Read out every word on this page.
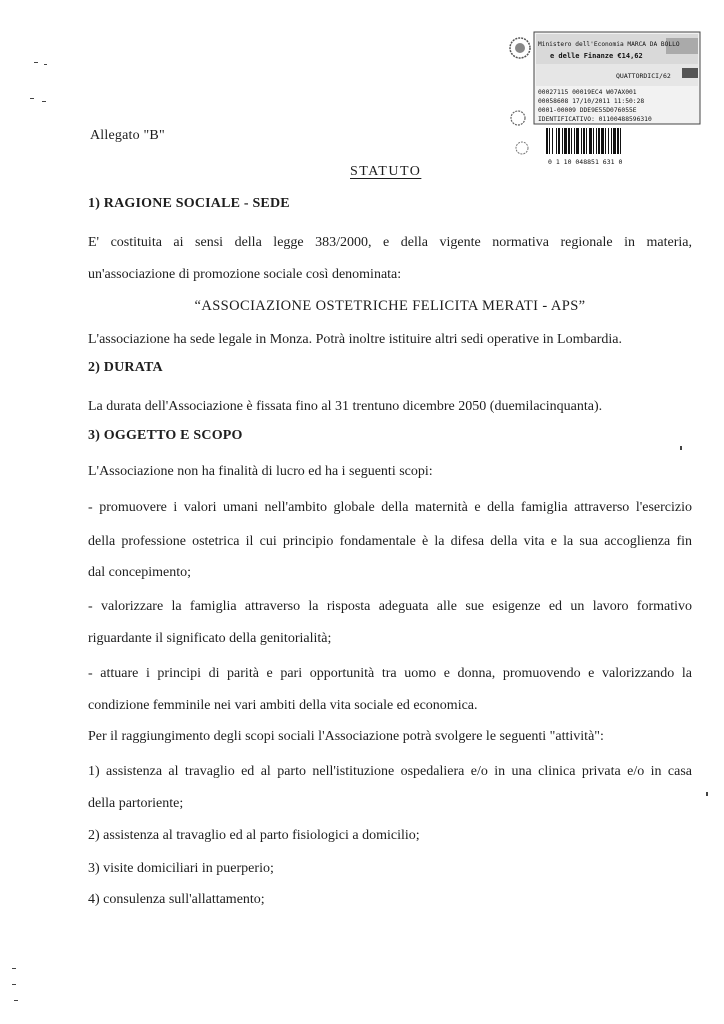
Allegato "B"
Ministero dell'Economia MARCA DA BOLLO
e delle Finanze €14,62
QUATTORDICI/62
00027115 00019EC4 W07AX001
00058608 17/10/2011 11:50:28
0001-00009 DDE9E55D076055E
IDENTIFICATIVO: 01100488596310
0 1 10 048851 631 0
STATUTO
1) RAGIONE SOCIALE - SEDE
E' costituita ai sensi della legge 383/2000, e della vigente normativa regionale in materia,
un'associazione di promozione sociale così denominata:
“ASSOCIAZIONE OSTETRICHE FELICITA MERATI - APS”
L'associazione ha sede legale in Monza. Potrà inoltre istituire altri sedi operative in Lombardia.
2) DURATA
La durata dell'Associazione è fissata fino al 31 trentuno dicembre 2050 (duemilacinquanta).
3) OGGETTO E SCOPO
L'Associazione non ha finalità di lucro ed ha i seguenti scopi:
- promuovere i valori umani nell'ambito globale della maternità e della famiglia attraverso l'esercizio
della professione ostetrica il cui principio fondamentale è la difesa della vita e la sua accoglienza fin
dal concepimento;
- valorizzare la famiglia attraverso la risposta adeguata alle sue esigenze ed un lavoro formativo
riguardante il significato della genitorialità;
- attuare i principi di parità e pari opportunità tra uomo e donna, promuovendo e valorizzando la
condizione femminile nei vari ambiti della vita sociale ed economica.
Per il raggiungimento degli scopi sociali l'Associazione potrà svolgere le seguenti "attività":
1) assistenza al travaglio ed al parto nell'istituzione ospedaliera e/o in una clinica privata e/o in casa
della partoriente;
2) assistenza al travaglio ed al parto fisiologici a domicilio;
3) visite domiciliari in puerperio;
4) consulenza sull'allattamento;
